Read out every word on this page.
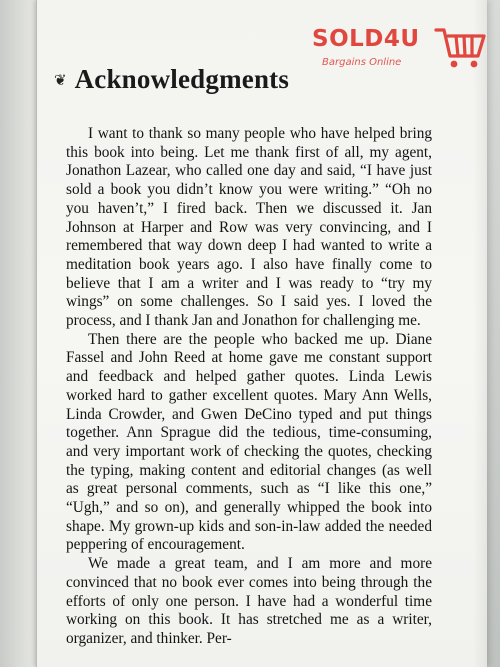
❦ Acknowledgments

I want to thank so many people who have helped bring this book into being. Let me thank first of all, my agent, Jonathon Lazear, who called one day and said, “I have just sold a book you didn’t know you were writing.” “Oh no you haven’t,” I fired back. Then we discussed it. Jan Johnson at Harper and Row was very convincing, and I remembered that way down deep I had wanted to write a meditation book years ago. I also have finally come to believe that I am a writer and I was ready to “try my wings” on some challenges. So I said yes. I loved the process, and I thank Jan and Jonathon for challenging me.

Then there are the people who backed me up. Diane Fassel and John Reed at home gave me constant support and feedback and helped gather quotes. Linda Lewis worked hard to gather excellent quotes. Mary Ann Wells, Linda Crowder, and Gwen DeCino typed and put things together. Ann Sprague did the tedious, time-consuming, and very important work of checking the quotes, checking the typing, making content and editorial changes (as well as great personal comments, such as “I like this one,” “Ugh,” and so on), and generally whipped the book into shape. My grown-up kids and son-in-law added the needed peppering of encouragement.

We made a great team, and I am more and more convinced that no book ever comes into being through the efforts of only one person. I have had a wonderful time working on this book. It has stretched me as a writer, organizer, and thinker. Per-

SOLD4U
Bargains Online
